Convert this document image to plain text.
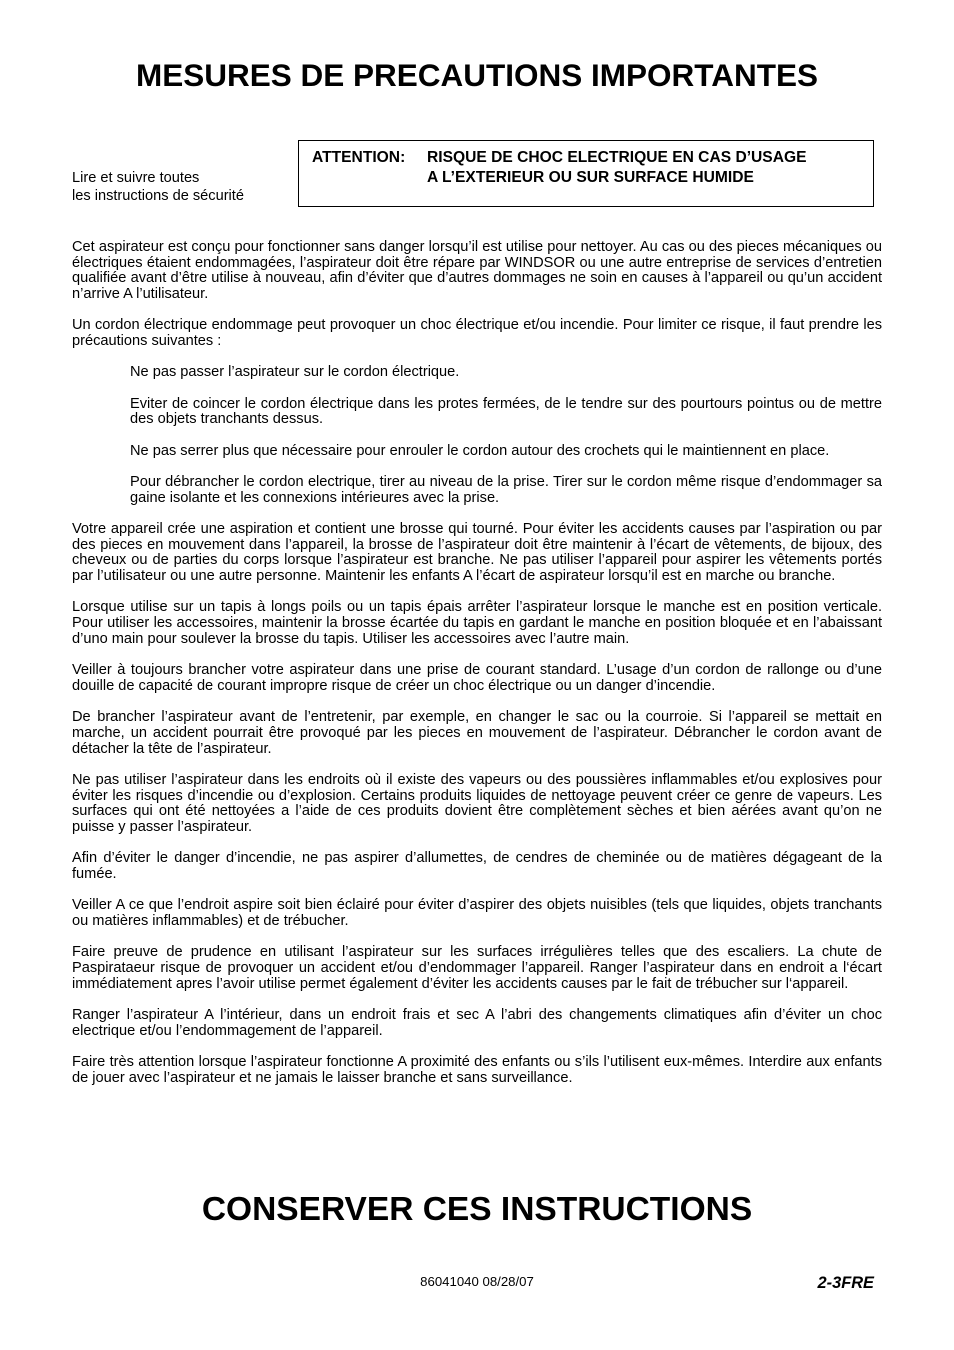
MESURES DE PRECAUTIONS IMPORTANTES
Lire et suivre toutes
les instructions de sécurité
ATTENTION: RISQUE DE CHOC ELECTRIQUE EN CAS D’USAGE
A L’EXTERIEUR OU SUR SURFACE HUMIDE

Cet aspirateur est conçu pour fonctionner sans danger lorsqu’il est utilise pour nettoyer. Au cas ou des pieces mécaniques ou électriques étaient endommagées, l’aspirateur doit être répare par WINDSOR ou une autre entreprise de services d’entretien qualifiée avant d’être utilise à nouveau, afin d’éviter que d’autres dommages ne soin en causes à l’appareil ou qu’un accident n’arrive A l’utilisateur.

Un cordon électrique endommage peut provoquer un choc électrique et/ou incendie. Pour limiter ce risque, il faut prendre les précautions suivantes :

Ne pas passer l’aspirateur sur le cordon électrique.

Eviter de coincer le cordon électrique dans les protes fermées, de le tendre sur des pourtours pointus ou de mettre des objets tranchants dessus.

Ne pas serrer plus que nécessaire pour enrouler le cordon autour des crochets qui le maintiennent en place.

Pour débrancher le cordon electrique, tirer au niveau de la prise. Tirer sur le cordon même risque d’endommager sa gaine isolante et les connexions intérieures avec la prise.

Votre appareil crée une aspiration et contient une brosse qui tourné. Pour éviter les accidents causes par l’aspiration ou par des pieces en mouvement dans l’appareil, la brosse de l’aspirateur doit être maintenir à l’écart de vêtements, de bijoux, des cheveux ou de parties du corps lorsque l’aspirateur est branche. Ne pas utiliser l’appareil pour aspirer les vêtements portés par l’utilisateur ou une autre personne. Maintenir les enfants A l’écart de aspirateur lorsqu’il est en marche ou branche.

Lorsque utilise sur un tapis à longs poils ou un tapis épais arrêter l’aspirateur lorsque le manche est en position verticale. Pour utiliser les accessoires, maintenir la brosse écartée du tapis en gardant le manche en position bloquée et en l’abaissant d’uno main pour soulever la brosse du tapis. Utiliser les accessoires avec l’autre main.

Veiller à toujours brancher votre aspirateur dans une prise de courant standard. L’usage d’un cordon de rallonge ou d’une douille de capacité de courant impropre risque de créer un choc électrique ou un danger d’incendie.

De brancher l’aspirateur avant de l’entretenir, par exemple, en changer le sac ou la courroie. Si l’appareil se mettait en marche, un accident pourrait être provoqué par les pieces en mouvement de l’aspirateur. Débrancher le cordon avant de détacher la tête de l’aspirateur.

Ne pas utiliser l’aspirateur dans les endroits où il existe des vapeurs ou des poussières inflammables et/ou explosives pour éviter les risques d’incendie ou d’explosion. Certains produits liquides de nettoyage peuvent créer ce genre de vapeurs. Les surfaces qui ont été nettoyées a l’aide de ces produits dovient être complètement sèches et bien aérées avant qu’on ne puisse y passer l’aspirateur.

Afin d’éviter le danger d’incendie, ne pas aspirer d’allumettes, de cendres de cheminée ou de matières dégageant de la fumée.

Veiller A ce que l’endroit aspire soit bien éclairé pour éviter d’aspirer des objets nuisibles (tels que liquides, objets tranchants ou matières inflammables) et de trébucher.

Faire preuve de prudence en utilisant l’aspirateur sur les surfaces irrégulières telles que des escaliers. La chute de Paspirataeur risque de provoquer un accident et/ou d’endommager l’appareil. Ranger l’aspirateur dans en endroit a l‘écart immédiatement apres l’avoir utilise permet également d’éviter les accidents causes par le fait de trébucher sur l‘appareil.

Ranger l’aspirateur A l’intérieur, dans un endroit frais et sec A l’abri des changements climatiques afin d’éviter un choc electrique et/ou l’endommagement de l’appareil.

Faire très attention lorsque l’aspirateur fonctionne A proximité des enfants ou s’ils l’utilisent eux-mêmes. Interdire aux enfants de jouer avec l’aspirateur et ne jamais le laisser branche et sans surveillance.

CONSERVER CES INSTRUCTIONS
86041040 08/28/07	2-3FRE
